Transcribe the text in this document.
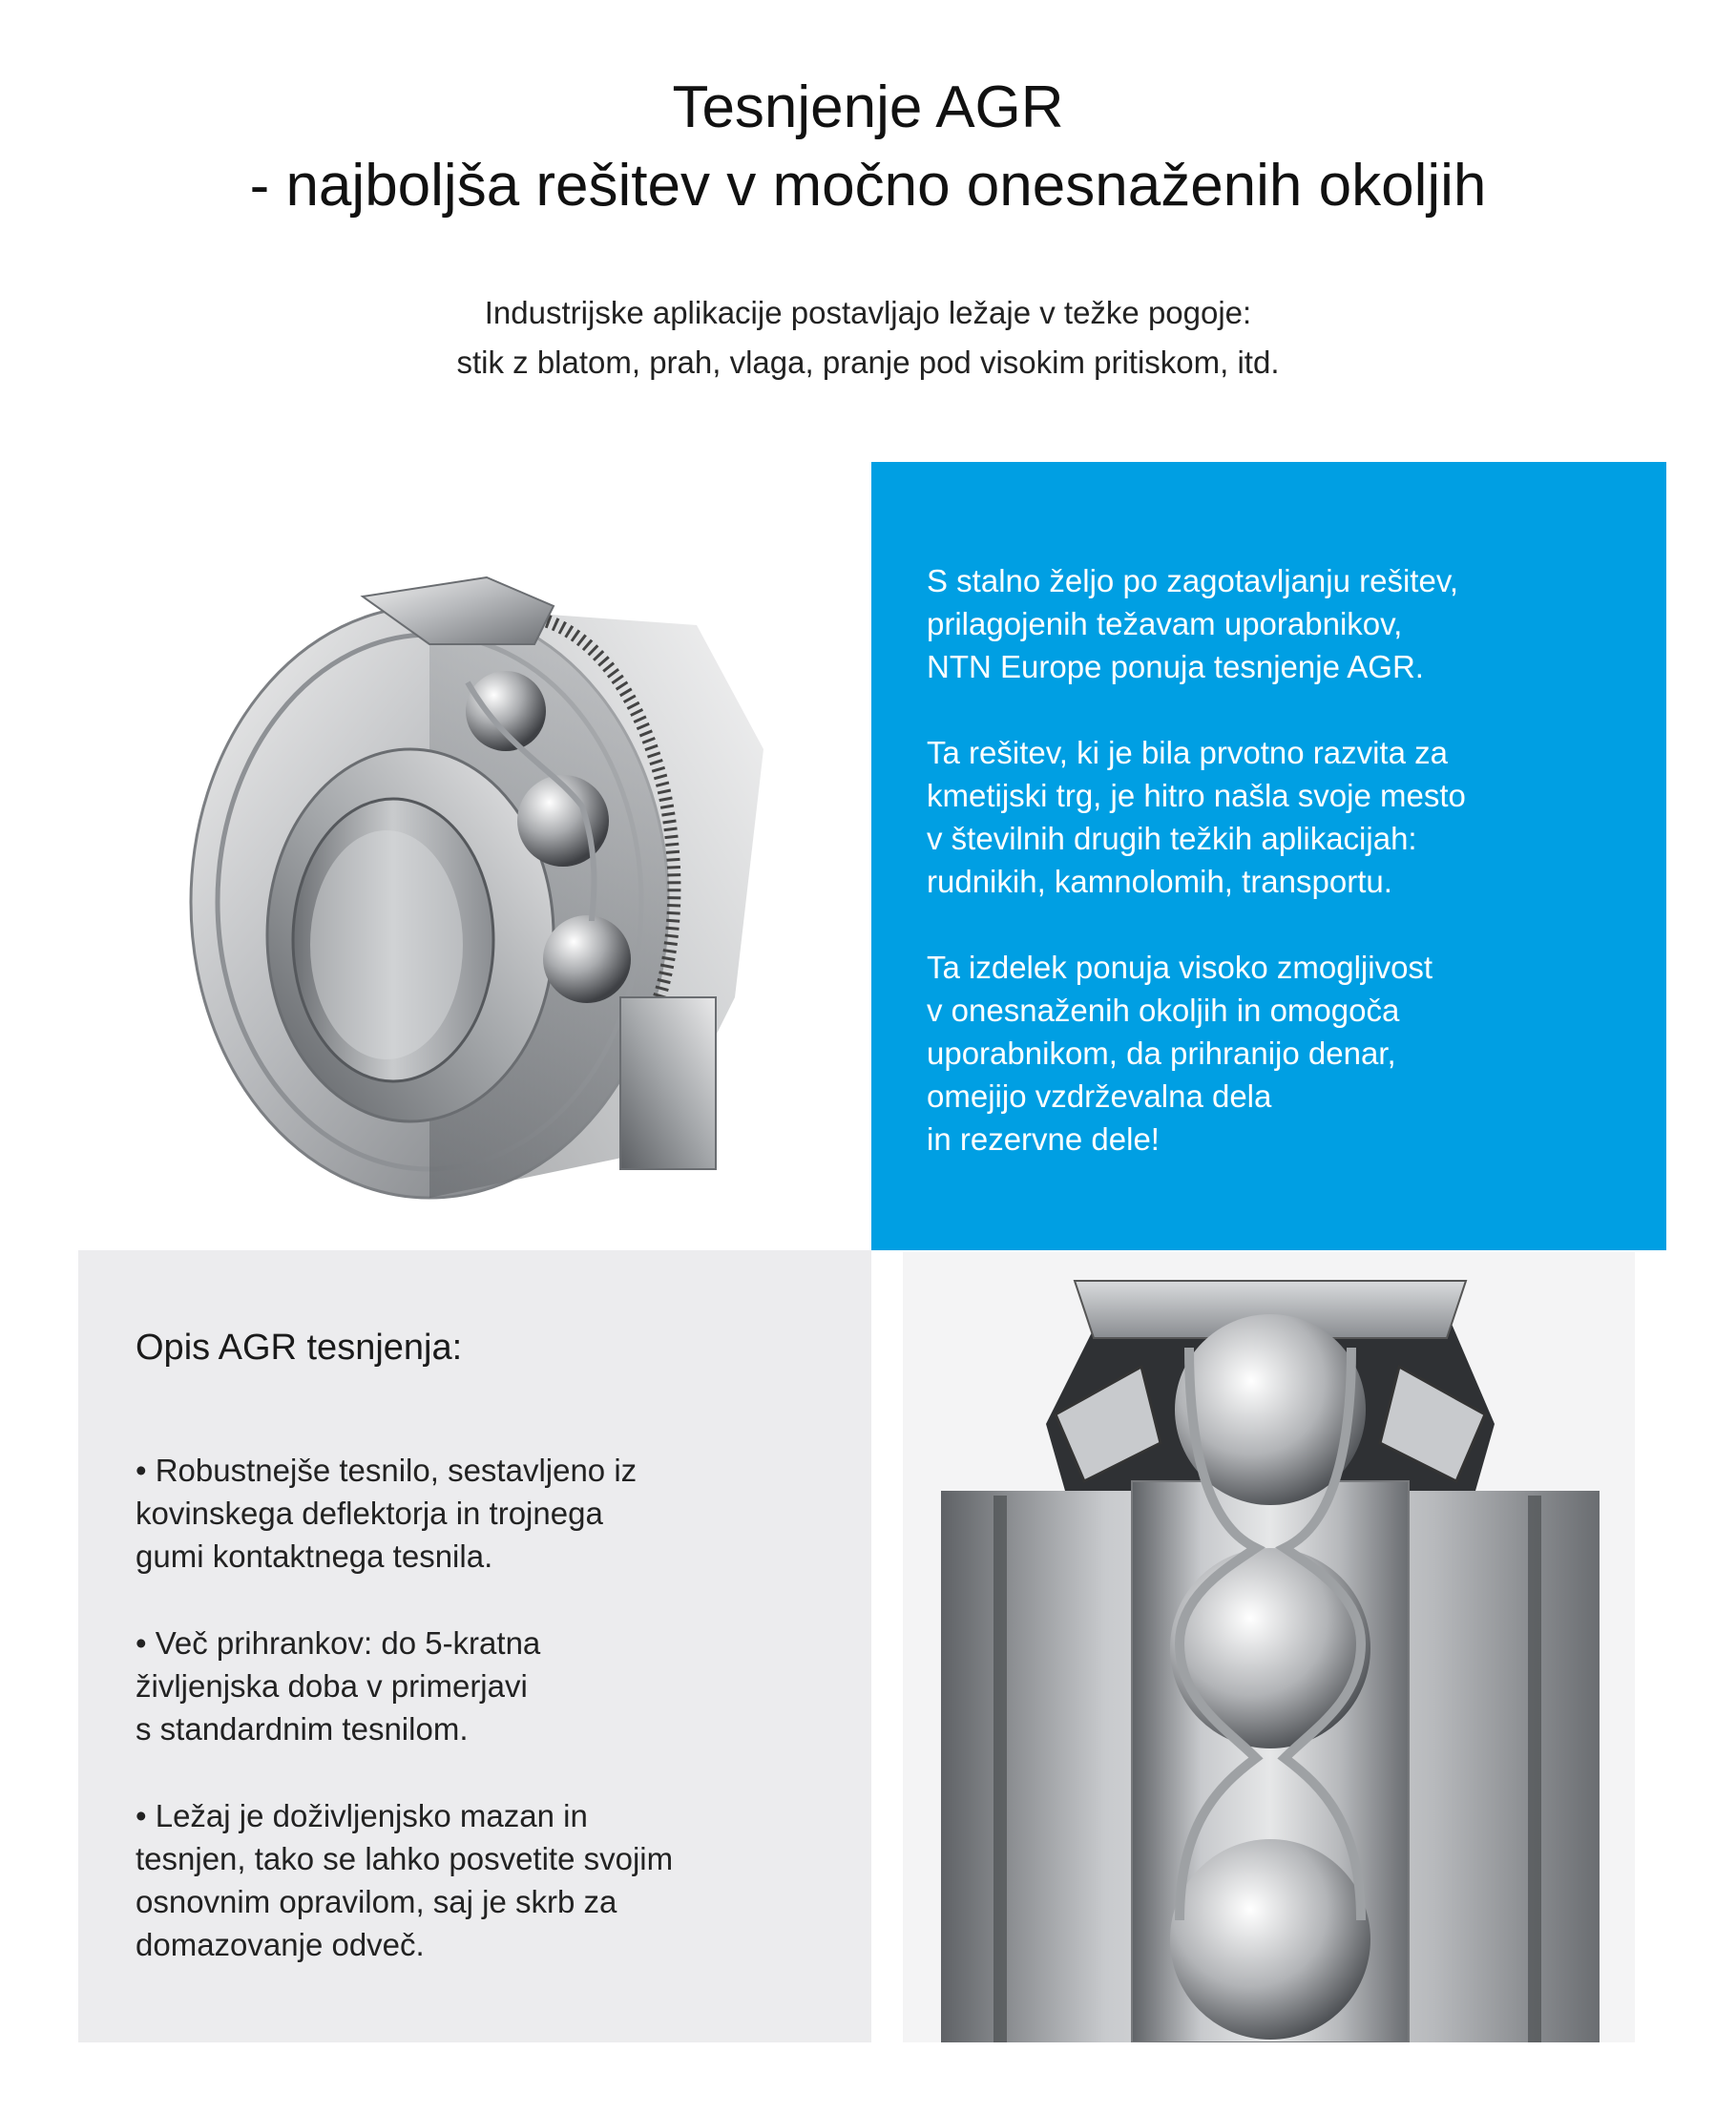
Tesnjenje AGR
- najboljša rešitev v močno onesnaženih okoljih
Industrijske aplikacije postavljajo ležaje v težke pogoje:
stik z blatom, prah, vlaga, pranje pod visokim pritiskom, itd.

S stalno željo po zagotavljanju rešitev,
prilagojenih težavam uporabnikov,
NTN Europe ponuja tesnjenje AGR.

Ta rešitev, ki je bila prvotno razvita za
kmetijski trg, je hitro našla svoje mesto
v številnih drugih težkih aplikacijah:
rudnikih, kamnolomih, transportu.

Ta izdelek ponuja visoko zmogljivost
v onesnaženih okoljih in omogoča
uporabnikom, da prihranijo denar,
omejijo vzdrževalna dela
in rezervne dele!

Opis AGR tesnjenja:

• Robustnejše tesnilo, sestavljeno iz
kovinskega deflektorja in trojnega
gumi kontaktnega tesnila.

• Več prihrankov: do 5-kratna
življenjska doba v primerjavi
s standardnim tesnilom.

• Ležaj je doživljenjsko mazan in
tesnjen, tako se lahko posvetite svojim
osnovnim opravilom, saj je skrb za
domazovanje odveč.
